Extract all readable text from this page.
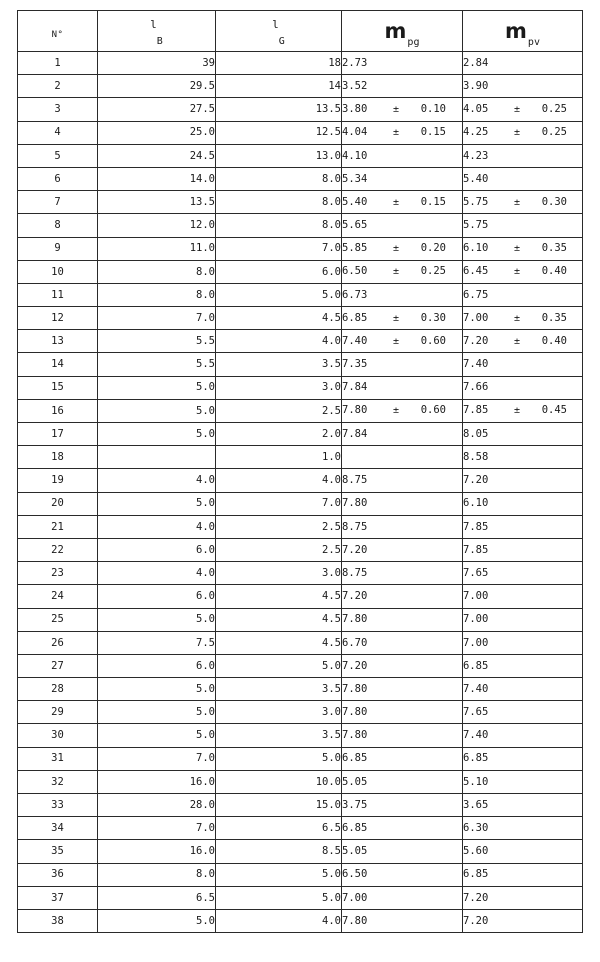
N°	lB	lG	mpg	mpv
1	39	18	2.73	2.84
2	29.5	14	3.52	3.90
3	27.5	13.5	3.80 ± 0.10	4.05 ± 0.25
4	25.0	12.5	4.04 ± 0.15	4.25 ± 0.25
5	24.5	13.0	4.10	4.23
6	14.0	8.0	5.34	5.40
7	13.5	8.0	5.40 ± 0.15	5.75 ± 0.30
8	12.0	8.0	5.65	5.75
9	11.0	7.0	5.85 ± 0.20	6.10 ± 0.35
10	8.0	6.0	6.50 ± 0.25	6.45 ± 0.40
11	8.0	5.0	6.73	6.75
12	7.0	4.5	6.85 ± 0.30	7.00 ± 0.35
13	5.5	4.0	7.40 ± 0.60	7.20 ± 0.40
14	5.5	3.5	7.35	7.40
15	5.0	3.0	7.84	7.66
16	5.0	2.5	7.80 ± 0.60	7.85 ± 0.45
17	5.0	2.0	7.84	8.05
18		1.0		8.58
19	4.0	4.0	8.75	7.20
20	5.0	7.0	7.80	6.10
21	4.0	2.5	8.75	7.85
22	6.0	2.5	7.20	7.85
23	4.0	3.0	8.75	7.65
24	6.0	4.5	7.20	7.00
25	5.0	4.5	7.80	7.00
26	7.5	4.5	6.70	7.00
27	6.0	5.0	7.20	6.85
28	5.0	3.5	7.80	7.40
29	5.0	3.0	7.80	7.65
30	5.0	3.5	7.80	7.40
31	7.0	5.0	6.85	6.85
32	16.0	10.0	5.05	5.10
33	28.0	15.0	3.75	3.65
34	7.0	6.5	6.85	6.30
35	16.0	8.5	5.05	5.60
36	8.0	5.0	6.50	6.85
37	6.5	5.0	7.00	7.20
38	5.0	4.0	7.80	7.20
